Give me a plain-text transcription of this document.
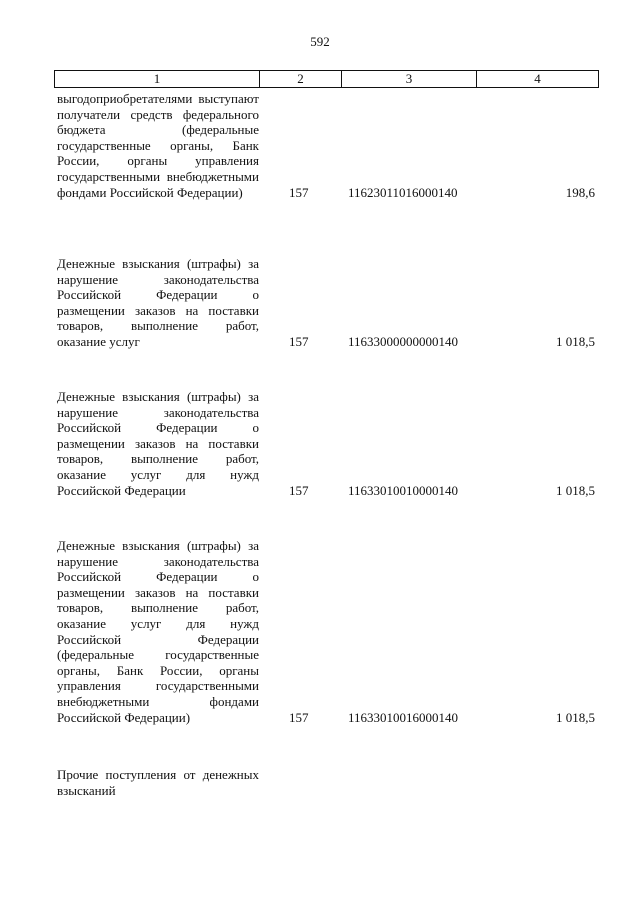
592
1	2	3	4
выгодоприобретателями выступают получатели средств федерального бюджета (федеральные государственные органы, Банк России, органы управления государственными внебюджетными фондами Российской Федерации)	157	11623011016000140	198,6
Денежные взыскания (штрафы) за нарушение законодательства Российской Федерации о размещении заказов на поставки товаров, выполнение работ, оказание услуг	157	11633000000000140	1 018,5
Денежные взыскания (штрафы) за нарушение законодательства Российской Федерации о размещении заказов на поставки товаров, выполнение работ, оказание услуг для нужд Российской Федерации	157	11633010010000140	1 018,5
Денежные взыскания (штрафы) за нарушение законодательства Российской Федерации о размещении заказов на поставки товаров, выполнение работ, оказание услуг для нужд Российской Федерации (федеральные государственные органы, Банк России, органы управления государственными внебюджетными фондами Российской Федерации)	157	11633010016000140	1 018,5
Прочие поступления от денежных взысканий
